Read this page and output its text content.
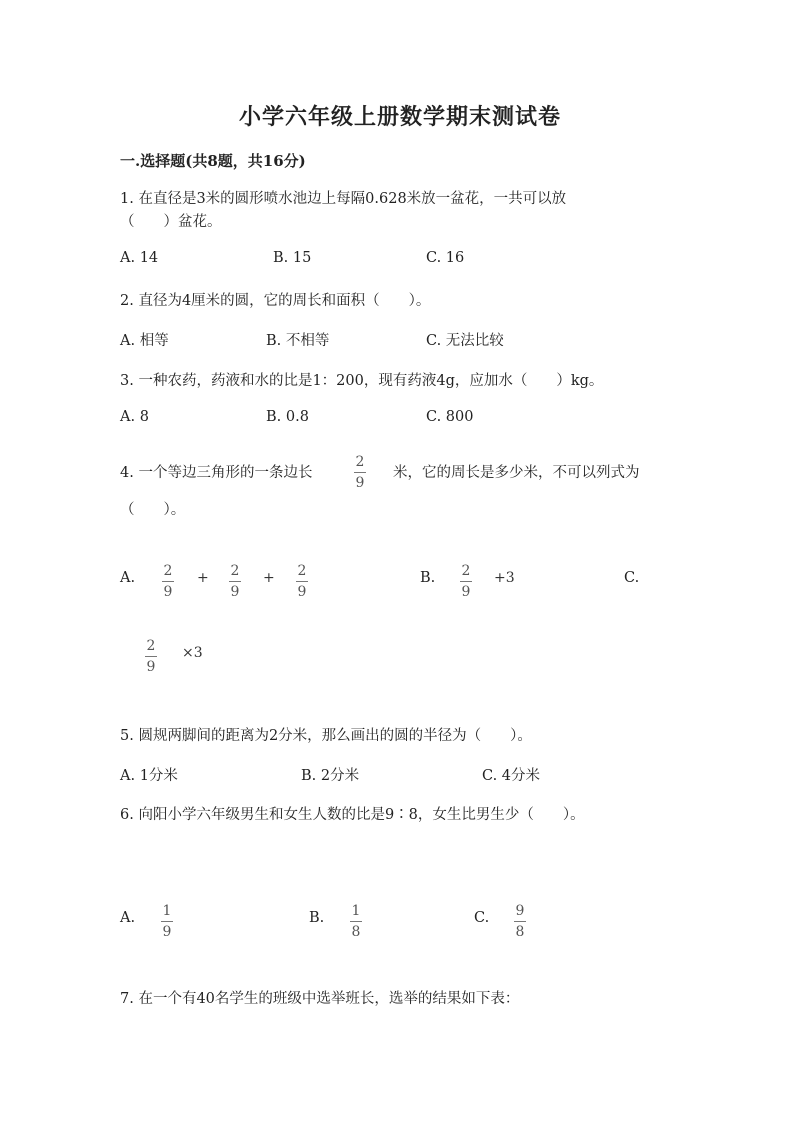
小学六年级上册数学期末测试卷
一.选择题(共8题，共16分)
1. 在直径是3米的圆形喷水池边上每隔0.628米放一盆花，一共可以放
（　　）盆花。
A. 14	B. 15	C. 16
2. 直径为4厘米的圆，它的周长和面积（　　）。
A. 相等	B. 不相等	C. 无法比较
3. 一种农药，药液和水的比是1：200，现有药液4g，应加水（　　）kg。
A. 8	B. 0.8	C. 800
4. 一个等边三角形的一条边长
2
9
米，它的周长是多少米，不可以列式为
（　　）。
A. 2
9
+ 2
9
+ 2
9
B. 2
9
+3	C.
2
9
×3
5. 圆规两脚间的距离为2分米，那么画出的圆的半径为（　　）。
A. 1分米	B. 2分米	C. 4分米
6. 向阳小学六年级男生和女生人数的比是9∶8，女生比男生少（　　）。
A. 1
9
B. 1
8
C. 9
8
7. 在一个有40名学生的班级中选举班长，选举的结果如下表：
